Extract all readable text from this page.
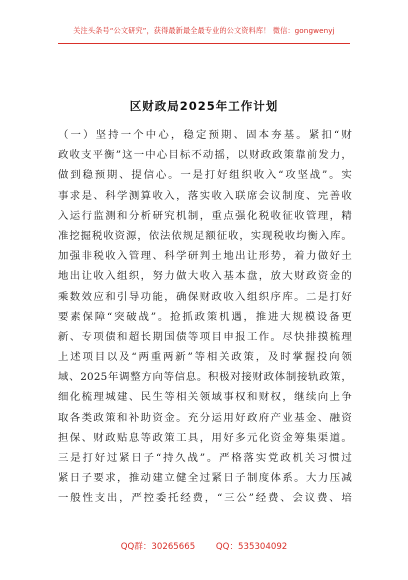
关注头条号“公文研究”，获得最新最全最专业的公文资料库！ 微信：gongwenyj
区财政局2025年工作计划
（一）坚持一个中心，稳定预期、固本夯基。紧扣“财
政收支平衡”这一中心目标不动摇，以财政政策靠前发力，
做到稳预期、提信心。一是打好组织收入“攻坚战”。实
事求是、科学测算收入，落实收入联席会议制度、完善收
入运行监测和分析研究机制，重点强化税收征收管理，精
准挖掘税收资源，依法依规足额征收，实现税收均衡入库。
加强非税收入管理、科学研判土地出让形势，着力做好土
地出让收入组织，努力做大收入基本盘，放大财政资金的
乘数效应和引导功能，确保财政收入组织序库。二是打好
要素保障“突破战”。抢抓政策机遇，推进大规模设备更
新、专项债和超长期国债等项目申报工作。尽快排摸梳理
上述项目以及“两重两新”等相关政策，及时掌握投向领
域、2025年调整方向等信息。积极对接财政体制接轨政策，
细化梳理城建、民生等相关领域事权和财权，继续向上争
取各类政策和补助资金。充分运用好政府产业基金、融资
担保、财政贴息等政策工具，用好多元化资金筹集渠道。
三是打好过紧日子“持久战”。严格落实党政机关习惯过
紧日子要求，推动建立健全过紧日子制度体系。大力压减
一般性支出，严控委托经费，“三公”经费、会议费、培
QQ群：30265665 QQ：535304092
